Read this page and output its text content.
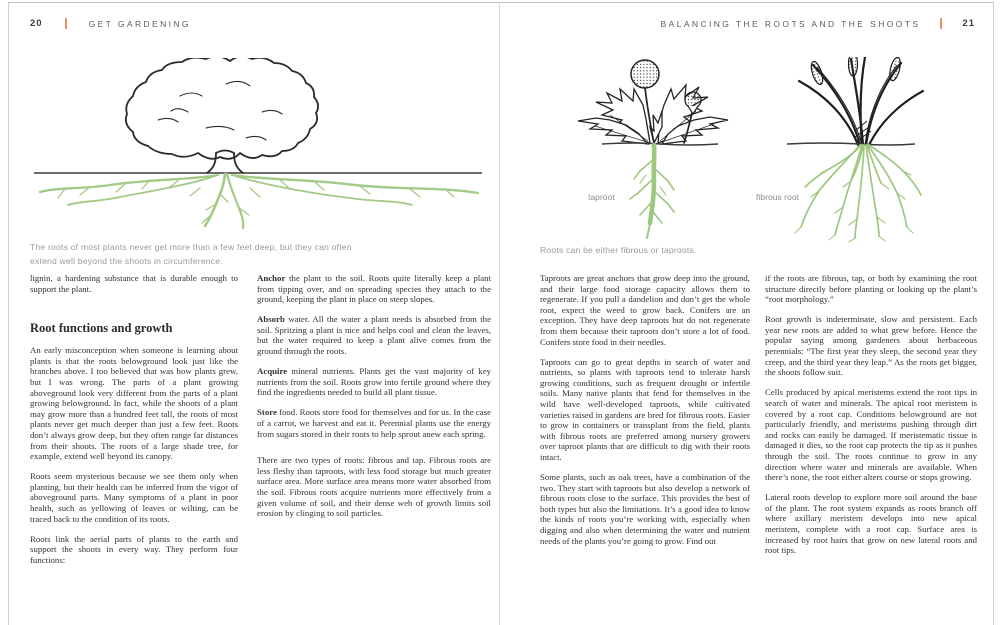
20	GET GARDENING
The roots of most plants never get more than a few feet deep, but they can often extend well beyond the shoots in circumference.

lignin, a hardening substance that is durable enough to support the plant.

Root functions and growth

An early misconception when someone is learning about plants is that the roots belowground look just like the branches above. I too believed that was how plants grew, but I was wrong. The parts of a plant growing aboveground look very different from the parts of a plant growing belowground. In fact, while the shoots of a plant may grow more than a hundred feet tall, the roots of most plants never get much deeper than just a few feet. Roots don’t always grow deep, but they often range far distances from their shoots. The roots of a large shade tree, for example, extend well beyond its canopy.

Roots seem mysterious because we see them only when planting, but their health can be inferred from the vigor of aboveground parts. Many symptoms of a plant in poor health, such as yellowing of leaves or wilting, can be traced back to the condition of its roots.

Roots link the aerial parts of plants to the earth and support the shoots in every way. They perform four functions:

Anchor the plant to the soil. Roots quite literally keep a plant from tipping over, and on spreading species they attach to the ground, keeping the plant in place on steep slopes.

Absorb water. All the water a plant needs is absorbed from the soil. Spritzing a plant is nice and helps cool and clean the leaves, but the water required to keep a plant alive comes from the ground through the roots.

Acquire mineral nutrients. Plants get the vast majority of key nutrients from the soil. Roots grow into fertile ground where they find the ingredients needed to build all plant tissue.

Store food. Roots store food for themselves and for us. In the case of a carrot, we harvest and eat it. Perennial plants use the energy from sugars stored in their roots to help sprout anew each spring.

There are two types of roots: fibrous and tap. Fibrous roots are less fleshy than taproots, with less food storage but much greater surface area. More surface area means more water absorbed from the soil. Fibrous roots acquire nutrients more effectively from a given volume of soil, and their dense web of growth limits soil erosion by clinging to soil particles.

BALANCING THE ROOTS AND THE SHOOTS	21
taproot	fibrous root
Roots can be either fibrous or taproots.

Taproots are great anchors that grow deep into the ground, and their large food storage capacity allows them to regenerate. If you pull a dandelion and don’t get the whole root, expect the weed to grow back. Conifers are an exception. They have deep taproots but do not regenerate from them because their taproots don’t store a lot of food. Conifers store food in their needles.

Taproots can go to great depths in search of water and nutrients, so plants with taproots tend to tolerate harsh growing conditions, such as frequent drought or infertile soils. Many native plants that fend for themselves in the wild have well-developed taproots, while cultivated varieties raised in gardens are bred for fibrous roots. Easier to grow in containers or transplant from the field, plants with fibrous roots are preferred among nursery growers over taproot plants that are difficult to dig with their roots intact.

Some plants, such as oak trees, have a combination of the two. They start with taproots but also develop a network of fibrous roots close to the surface. This provides the best of both types but also the limitations. It’s a good idea to know the kinds of roots you’re working with, especially when digging and also when determining the water and nutrient needs of the plants you’re going to grow. Find out

if the roots are fibrous, tap, or both by examining the root structure directly before planting or looking up the plant’s “root morphology.”

Root growth is indeterminate, slow and persistent. Each year new roots are added to what grew before. Hence the popular saying among gardeners about herbaceous perennials: “The first year they sleep, the second year they creep, and the third year they leap.” As the roots get bigger, the shoots follow suit.

Cells produced by apical meristems extend the root tips in search of water and minerals. The apical root meristem is covered by a root cap. Conditions belowground are not particularly friendly, and meristems pushing through dirt and rocks can easily be damaged. If meristematic tissue is damaged it dies, so the root cap protects the tip as it pushes through the soil. The roots continue to grow in any direction where water and minerals are available. When there’s none, the root either alters course or stops growing.

Lateral roots develop to explore more soil around the base of the plant. The root system expands as roots branch off where axillary meristem develops into new apical meristem, complete with a root cap. Surface area is increased by root hairs that grow on new lateral roots and root tips.
